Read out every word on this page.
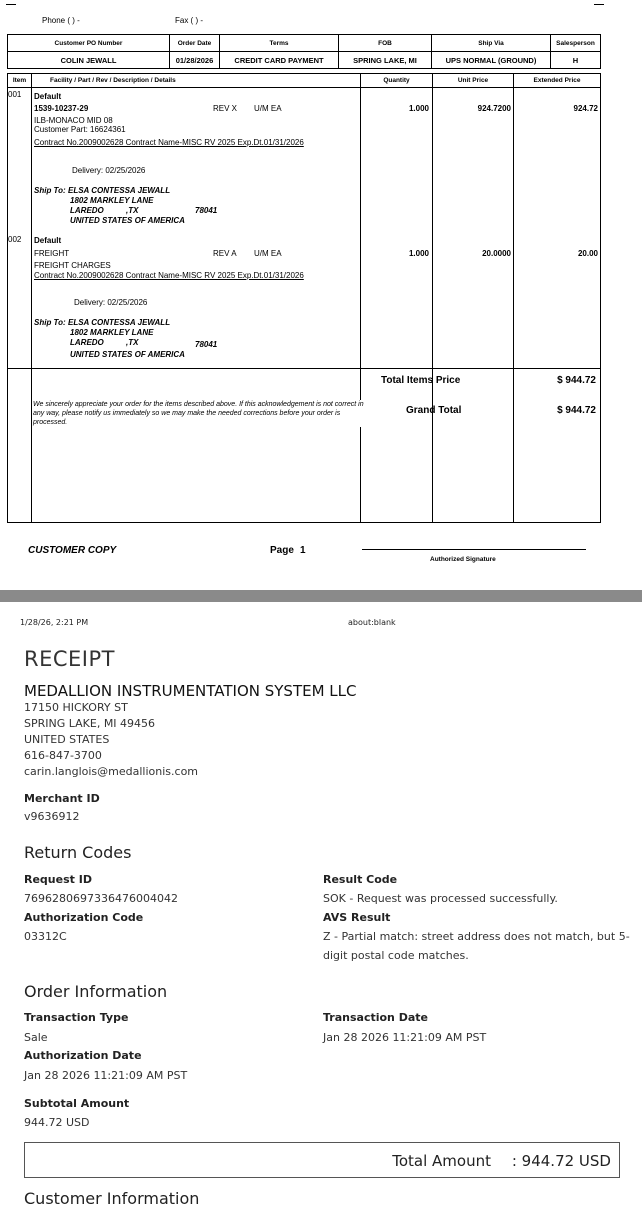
Phone ( ) -	Fax ( ) -
Customer PO Number	Order Date	Terms	FOB	Ship Via	Salesperson
COLIN JEWALL	01/28/2026	CREDIT CARD PAYMENT	SPRING LAKE, MI	UPS NORMAL (GROUND)	H
Item	Facility / Part / Rev / Description / Details	Quantity	Unit Price	Extended Price
001 Default
1539-10237-29	REV X U/M EA
ILB-MONACO MID 08
Customer Part: 16624361
Contract No.2009002628 Contract Name-MISC RV 2025 Exp.Dt.01/31/2026
Delivery: 02/25/2026
Ship To: ELSA CONTESSA JEWALL
1802 MARKLEY LANE
LAREDO          ,TX	78041
UNITED STATES OF AMERICA
1.000	924.7200	924.72
002 Default
FREIGHT	REV A U/M EA
FREIGHT CHARGES
Contract No.2009002628 Contract Name-MISC RV 2025 Exp.Dt.01/31/2026
Delivery: 02/25/2026
Ship To: ELSA CONTESSA JEWALL
1802 MARKLEY LANE
LAREDO          ,TX	78041
UNITED STATES OF AMERICA
1.000	20.0000	20.00
We sincerely appreciate your order for the items described above. If this acknowledgement is not correct in any way, please notify us immediately so we may make the needed corrections before your order is processed.
Total Items Price	$ 944.72
Grand Total	$ 944.72
CUSTOMER COPY	Page 1
Authorized Signature
1/28/26, 2:21 PM	about:blank
RECEIPT
MEDALLION INSTRUMENTATION SYSTEM LLC
17150 HICKORY ST
SPRING LAKE, MI 49456
UNITED STATES
616-847-3700
carin.langlois@medallionis.com
Merchant ID
v9636912
Return Codes
Request ID
7696280697336476004042
Authorization Code
03312C
Result Code
SOK - Request was processed successfully.
AVS Result
Z - Partial match: street address does not match, but 5-
digit postal code matches.
Order Information
Transaction Type
Sale
Authorization Date
Jan 28 2026 11:21:09 AM PST
Transaction Date
Jan 28 2026 11:21:09 AM PST
Subtotal Amount
944.72 USD
Total Amount : 944.72 USD
Customer Information
